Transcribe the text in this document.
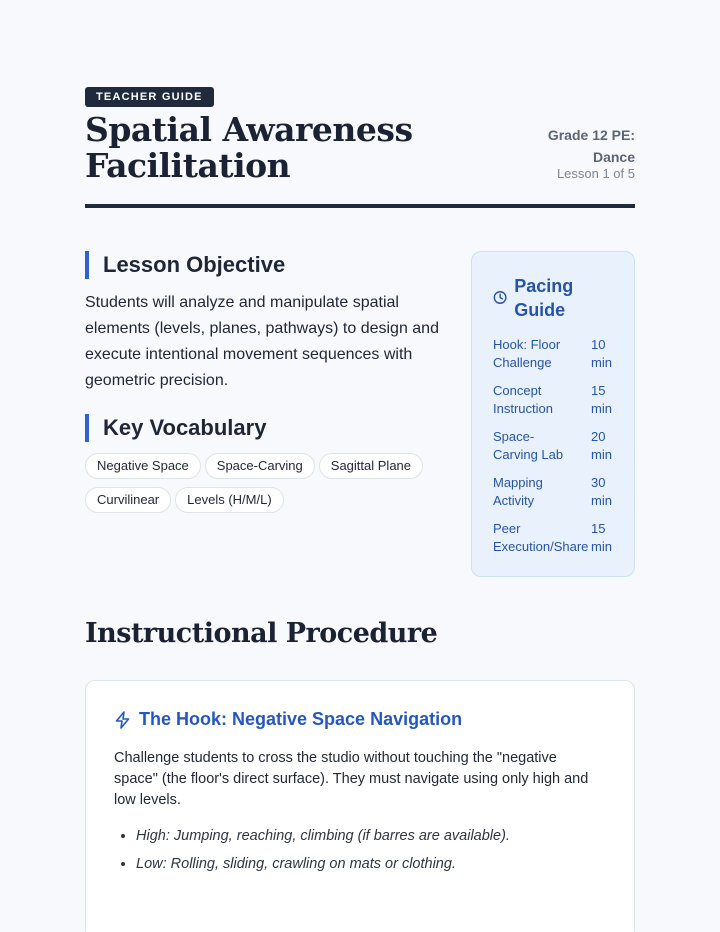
TEACHER GUIDE
Spatial Awareness Facilitation
Grade 12 PE: Dance
Lesson 1 of 5
Lesson Objective

Students will analyze and manipulate spatial elements (levels, planes, pathways) to design and execute intentional movement sequences with geometric precision.

Key Vocabulary
Negative Space Space-Carving Sagittal Plane
Curvilinear Levels (H/M/L)
Pacing Guide
Hook: Floor Challenge
10 min
Concept Instruction
15 min
Space-Carving Lab
20 min
Mapping Activity
30 min
Peer Execution/Share
15 min
Instructional Procedure
The Hook: Negative Space Navigation

Challenge students to cross the studio without touching the "negative space" (the floor's direct surface). They must navigate using only high and low levels.

• High: Jumping, reaching, climbing (if barres are available).
• Low: Rolling, sliding, crawling on mats or clothing.
